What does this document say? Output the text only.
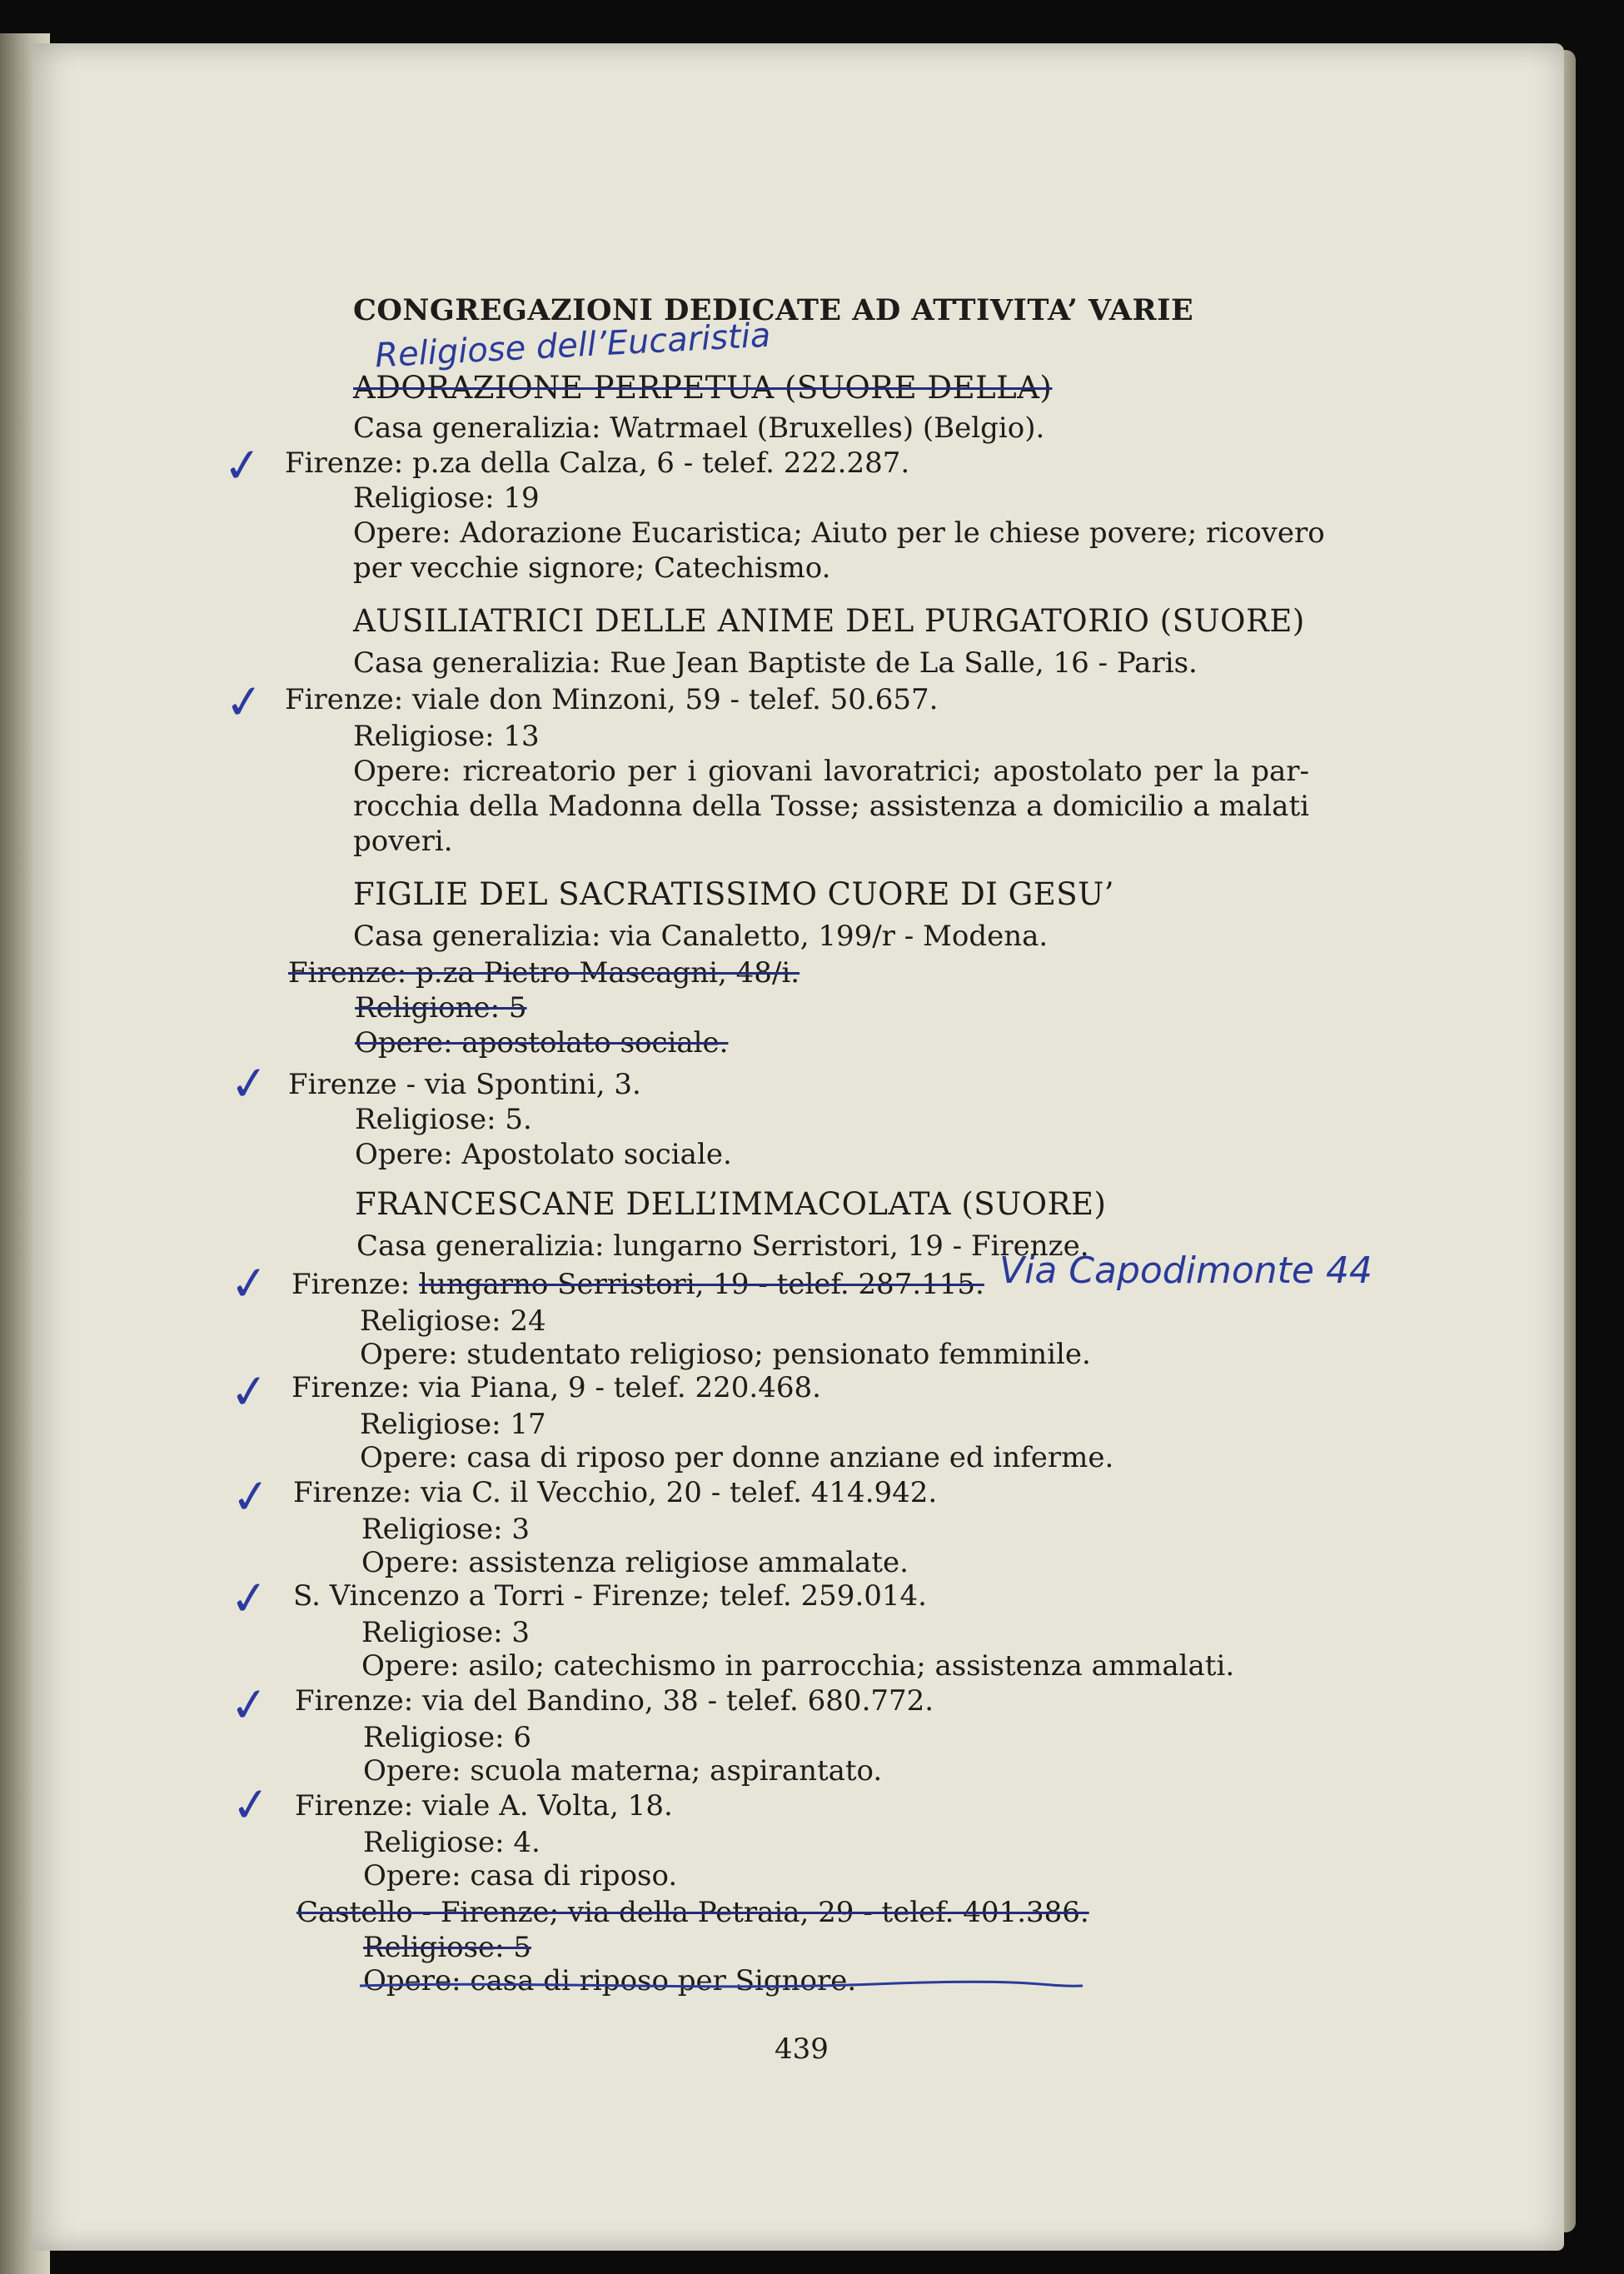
CONGREGAZIONI DEDICATE AD ATTIVITA’ VARIE
Religiose dell’Eucaristia
ADORAZIONE PERPETUA (SUORE DELLA)
Casa generalizia: Watrmael (Bruxelles) (Belgio).
✓ Firenze: p.za della Calza, 6 - telef. 222.287.
Religiose: 19
Opere: Adorazione Eucaristica; Aiuto per le chiese povere; ricovero
per vecchie signore; Catechismo.
AUSILIATRICI DELLE ANIME DEL PURGATORIO (SUORE)
Casa generalizia: Rue Jean Baptiste de La Salle, 16 - Paris.
✓ Firenze: viale don Minzoni, 59 - telef. 50.657.
Religiose: 13
Opere: ricreatorio per i giovani lavoratrici; apostolato per la par-
rocchia della Madonna della Tosse; assistenza a domicilio a malati
poveri.
FIGLIE DEL SACRATISSIMO CUORE DI GESU’
Casa generalizia: via Canaletto, 199/r - Modena.
Firenze: p.za Pietro Mascagni, 48/i.
Religione: 5
Opere: apostolato sociale.
✓ Firenze - via Spontini, 3.
Religiose: 5.
Opere: Apostolato sociale.
FRANCESCANE DELL’IMMACOLATA (SUORE)
Casa generalizia: lungarno Serristori, 19 - Firenze.
✓ Firenze: lungarno Serristori, 19 - telef. 287.115. Via Capodimonte 44
Religiose: 24
Opere: studentato religioso; pensionato femminile.
✓ Firenze: via Piana, 9 - telef. 220.468.
Religiose: 17
Opere: casa di riposo per donne anziane ed inferme.
✓ Firenze: via C. il Vecchio, 20 - telef. 414.942.
Religiose: 3
Opere: assistenza religiose ammalate.
✓ S. Vincenzo a Torri - Firenze; telef. 259.014.
Religiose: 3
Opere: asilo; catechismo in parrocchia; assistenza ammalati.
✓ Firenze: via del Bandino, 38 - telef. 680.772.
Religiose: 6
Opere: scuola materna; aspirantato.
✓ Firenze: viale A. Volta, 18.
Religiose: 4.
Opere: casa di riposo.
Castello - Firenze; via della Petraia, 29 - telef. 401.386.
Religiose: 5
Opere: casa di riposo per Signore.
439
